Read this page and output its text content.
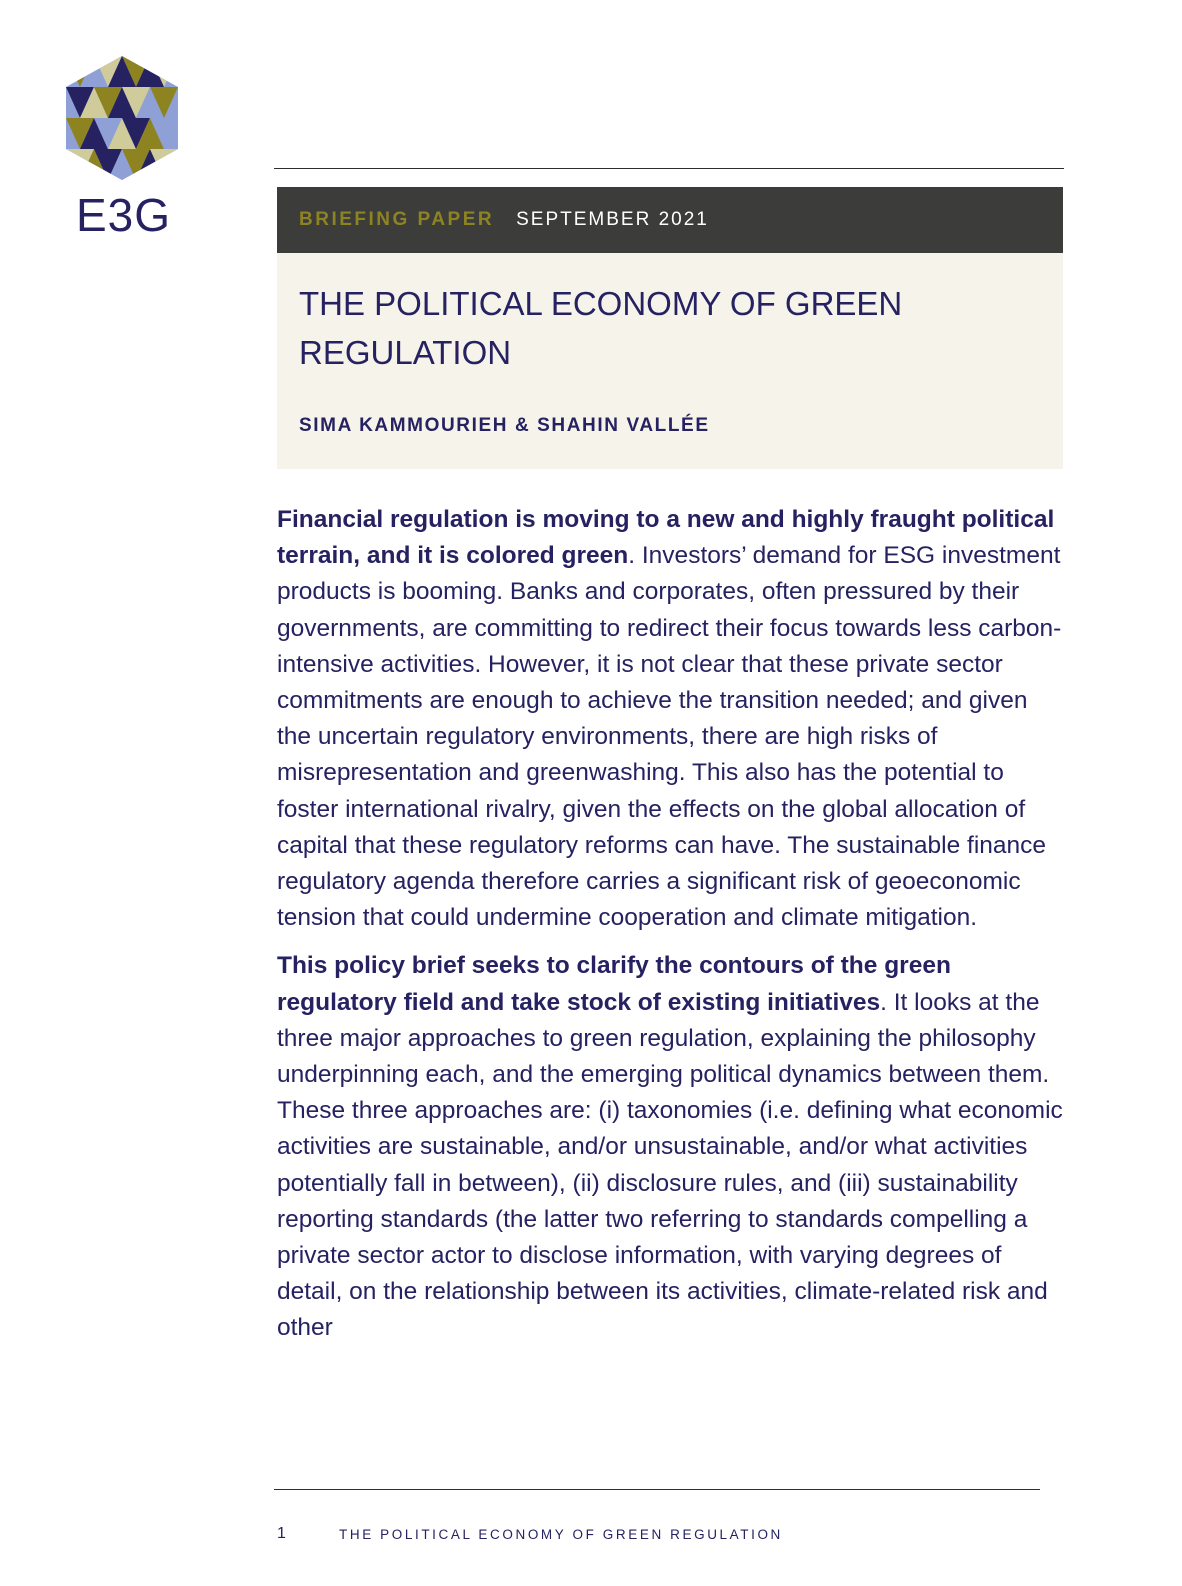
E3G	BRIEFING PAPER SEPTEMBER 2021
THE POLITICAL ECONOMY OF GREEN REGULATION
SIMA KAMMOURIEH & SHAHIN VALLÉE

Financial regulation is moving to a new and highly fraught political terrain, and it is colored green. Investors’ demand for ESG investment products is booming. Banks and corporates, often pressured by their governments, are committing to redirect their focus towards less carbon-intensive activities. However, it is not clear that these private sector commitments are enough to achieve the transition needed; and given the uncertain regulatory environments, there are high risks of misrepresentation and greenwashing. This also has the potential to foster international rivalry, given the effects on the global allocation of capital that these regulatory reforms can have. The sustainable finance regulatory agenda therefore carries a significant risk of geoeconomic tension that could undermine cooperation and climate mitigation.

This policy brief seeks to clarify the contours of the green regulatory field and take stock of existing initiatives. It looks at the three major approaches to green regulation, explaining the philosophy underpinning each, and the emerging political dynamics between them. These three approaches are: (i) taxonomies (i.e. defining what economic activities are sustainable, and/or unsustainable, and/or what activities potentially fall in between), (ii) disclosure rules, and (iii) sustainability reporting standards (the latter two referring to standards compelling a private sector actor to disclose information, with varying degrees of detail, on the relationship between its activities, climate-related risk and other

1	THE POLITICAL ECONOMY OF GREEN REGULATION
